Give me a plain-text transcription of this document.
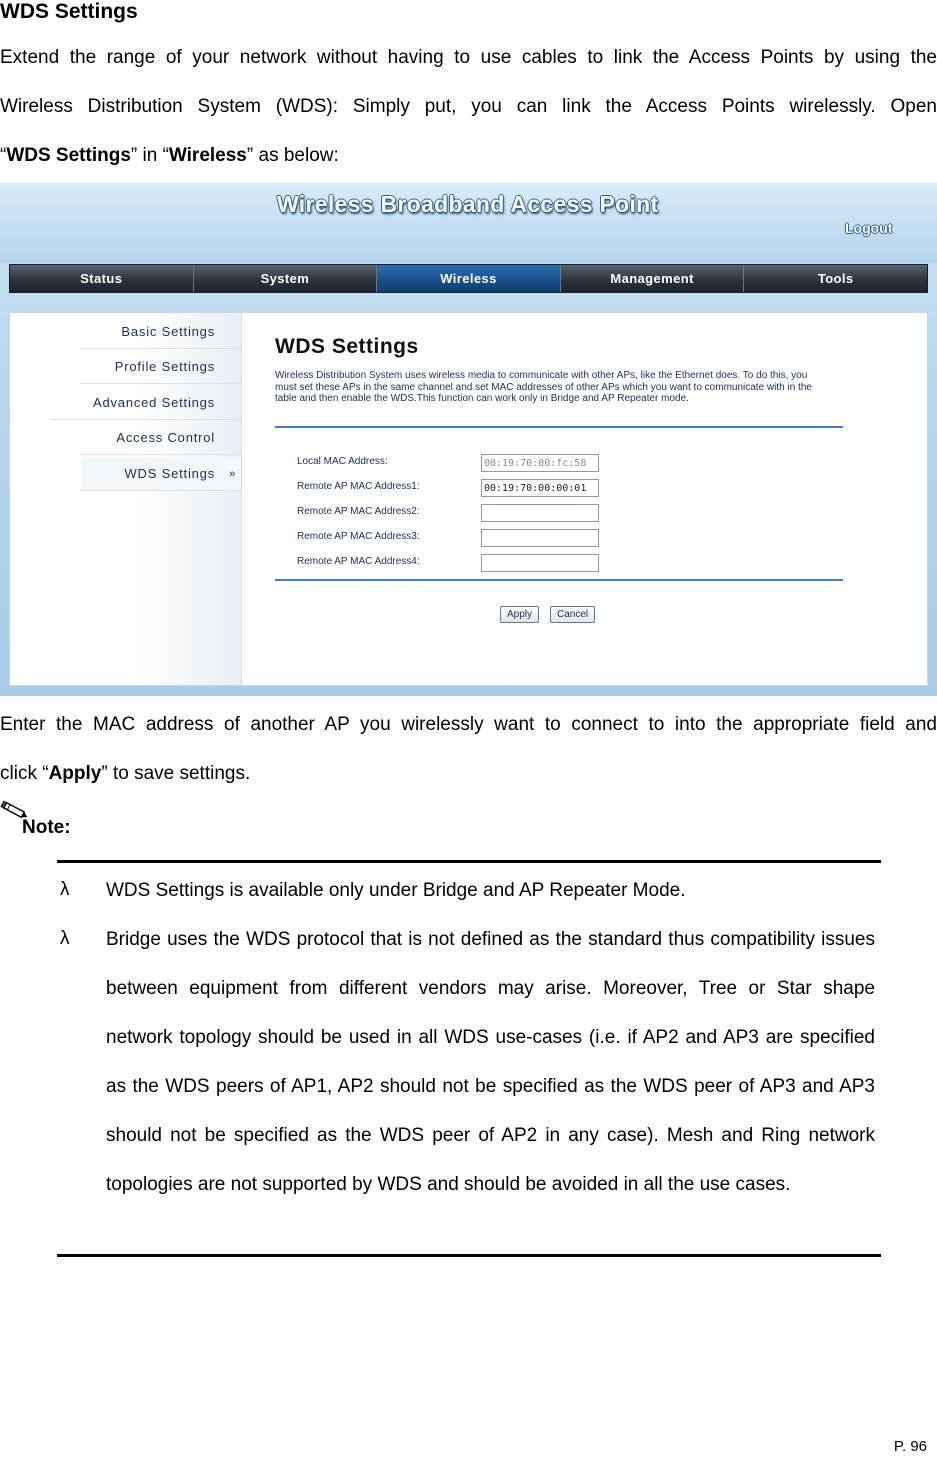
WDS Settings
Extend the range of your network without having to use cables to link the Access Points by using the
Wireless Distribution System (WDS): Simply put, you can link the Access Points wirelessly. Open
“WDS Settings” in “Wireless” as below:
Wireless Broadband Access Point
Logout
Status	System	Wireless	Management	Tools
Basic Settings
Profile Settings
Advanced Settings
Access Control
WDS Settings »
WDS Settings
Wireless Distribution System uses wireless media to communicate with other APs, like the Ethernet does. To do this, you must set these APs in the same channel and set MAC addresses of other APs which you want to communicate with in the table and then enable the WDS.This function can work only in Bridge and AP Repeater mode.
Local MAC Address:
00:19:70:00:fc:58
Remote AP MAC Address1:
00:19:70:00:00:01
Remote AP MAC Address2:
Remote AP MAC Address3:
Remote AP MAC Address4:
Apply	Cancel
Enter the MAC address of another AP you wirelessly want to connect to into the appropriate field and
click “Apply” to save settings.
Note:
λ WDS Settings is available only under Bridge and AP Repeater Mode.
λ Bridge uses the WDS protocol that is not defined as the standard thus compatibility issues between equipment from different vendors may arise. Moreover, Tree or Star shape network topology should be used in all WDS use-cases (i.e. if AP2 and AP3 are specified as the WDS peers of AP1, AP2 should not be specified as the WDS peer of AP3 and AP3 should not be specified as the WDS peer of AP2 in any case). Mesh and Ring network topologies are not supported by WDS and should be avoided in all the use cases.
P. 96
